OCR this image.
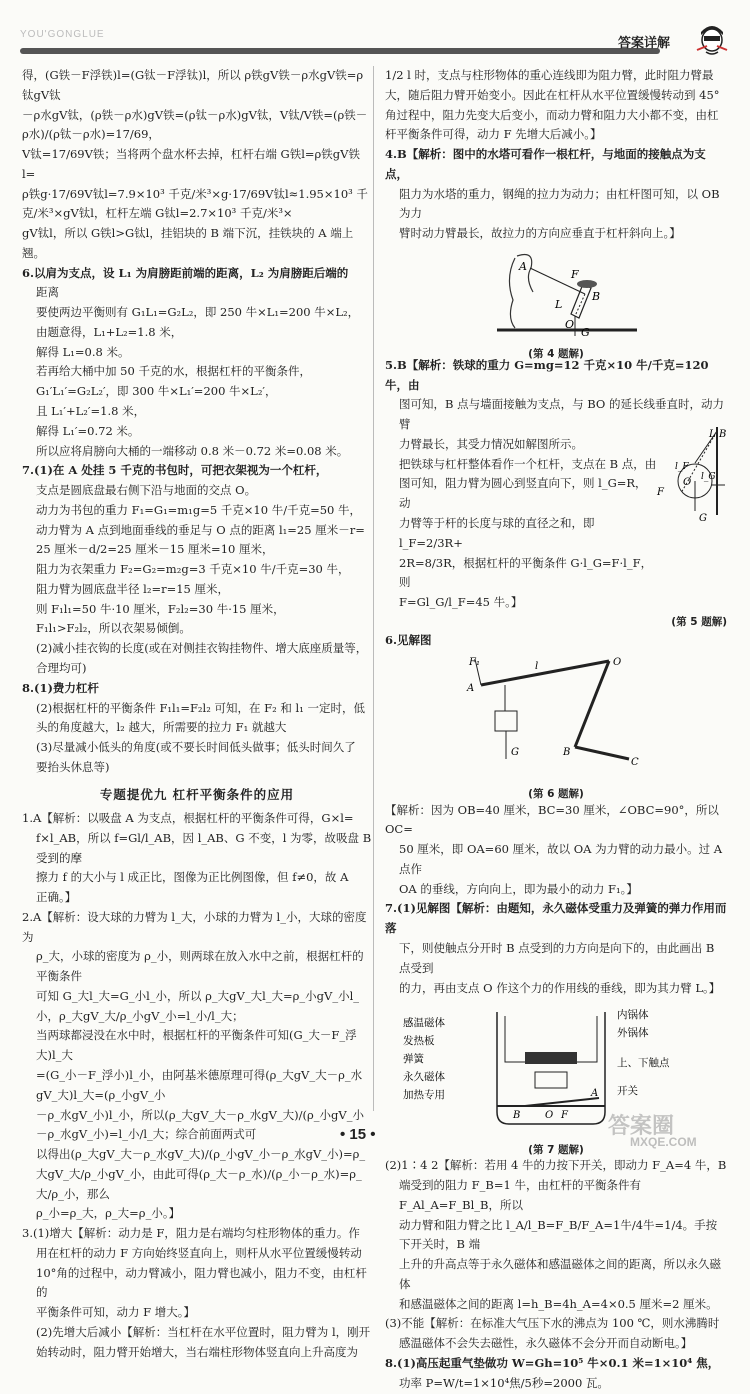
YOU'GONGLUE
答案详解

得，(G铁－F浮铁)l=(G钛－F浮钛)l，所以 ρ铁gV铁－ρ水gV铁=ρ钛gV钛

－ρ水gV钛，(ρ铁－ρ水)gV铁=(ρ钛－ρ水)gV钛，V钛/V铁=(ρ铁－ρ水)/(ρ钛－ρ水)=17/69，

V钛=17/69V铁；当将两个盘水杯去掉，杠杆右端 G铁l=ρ铁gV铁l=

ρ铁g·17/69V钛l=7.9×10³ 千克/米³×g·17/69V钛l≈1.95×10³ 千

克/米³×gV钛l，杠杆左端 G钛l=2.7×10³ 千克/米³×

gV钛l，所以 G铁l>G钛l，挂铝块的 B 端下沉，挂铁块的 A 端上翘。

6.以肩为支点，设 L₁ 为肩膀距前端的距离，L₂ 为肩膀距后端的

距离

要使两边平衡则有 G₁L₁=G₂L₂，即 250 牛×L₁=200 牛×L₂，

由题意得，L₁+L₂=1.8 米，

解得 L₁=0.8 米。

若再给大桶中加 50 千克的水，根据杠杆的平衡条件，

G₁′L₁′=G₂L₂′，即 300 牛×L₁′=200 牛×L₂′，

且 L₁′+L₂′=1.8 米，

解得 L₁′=0.72 米。

所以应将肩膀向大桶的一端移动 0.8 米－0.72 米=0.08 米。

7.(1)在 A 处挂 5 千克的书包时，可把衣架视为一个杠杆，

支点是圆底盘最右侧下沿与地面的交点 O。

动力为书包的重力 F₁=G₁=m₁g=5 千克×10 牛/千克=50 牛，

动力臂为 A 点到地面垂线的垂足与 O 点的距离 l₁=25 厘米－r=

25 厘米－d/2=25 厘米－15 厘米=10 厘米，

阻力为衣架重力 F₂=G₂=m₂g=3 千克×10 牛/千克=30 牛，

阻力臂为圆底盘半径 l₂=r=15 厘米，

则 F₁l₁=50 牛·10 厘米，F₂l₂=30 牛·15 厘米，

F₁l₁>F₂l₂，所以衣架易倾倒。

(2)减小挂衣钩的长度(或在对侧挂衣钩挂物件、增大底座质量等，

合理均可)

8.(1)费力杠杆

(2)根据杠杆的平衡条件 F₁l₁=F₂l₂ 可知，在 F₂ 和 l₁ 一定时，低

头的角度越大，l₂ 越大，所需要的拉力 F₁ 就越大

(3)尽量减小低头的角度(或不要长时间低头做事；低头时间久了

要抬头休息等)

专题提优九 杠杆平衡条件的应用

1.A【解析：以吸盘 A 为支点，根据杠杆的平衡条件可得，G×l=

f×l_AB，所以 f=Gl/l_AB，因 l_AB、G 不变，l 为零，故吸盘 B 受到的摩

擦力 f 的大小与 l 成正比，图像为正比例图像，但 f≠0，故 A

正确。】

2.A【解析：设大球的力臂为 l_大，小球的力臂为 l_小，大球的密度为

ρ_大，小球的密度为 ρ_小，则两球在放入水中之前，根据杠杆的平衡条件

可知 G_大l_大=G_小l_小，所以 ρ_大gV_大l_大=ρ_小gV_小l_小，ρ_大gV_大/ρ_小gV_小=l_小/l_大；

当两球都浸没在水中时，根据杠杆的平衡条件可知(G_大－F_浮大)l_大

=(G_小－F_浮小)l_小，由阿基米德原理可得(ρ_大gV_大－ρ_水gV_大)l_大=(ρ_小gV_小

－ρ_水gV_小)l_小，所以(ρ_大gV_大－ρ_水gV_大)/(ρ_小gV_小－ρ_水gV_小)=l_小/l_大；综合前面两式可

以得出(ρ_大gV_大－ρ_水gV_大)/(ρ_小gV_小－ρ_水gV_小)=ρ_大gV_大/ρ_小gV_小，由此可得(ρ_大－ρ_水)/(ρ_小－ρ_水)=ρ_大/ρ_小，那么

ρ_小=ρ_大，ρ_大=ρ_小。】

3.(1)增大【解析：动力是 F，阻力是右端均匀柱形物体的重力。作

用在杠杆的动力 F 方向始终竖直向上，则杆从水平位置缓慢转动

10°角的过程中，动力臂减小，阻力臂也减小，阻力不变，由杠杆的

平衡条件可知，动力 F 增大。】

(2)先增大后减小【解析：当杠杆在水平位置时，阻力臂为 l，刚开

始转动时，阻力臂开始增大，当右端柱形物体竖直向上升高度为

1/2 l 时，支点与柱形物体的重心连线即为阻力臂，此时阻力臂最

大，随后阻力臂开始变小。因此在杠杆从水平位置缓慢转动到 45°

角过程中，阻力先变大后变小，而动力臂和阻力大小都不变，由杠

杆平衡条件可得，动力 F 先增大后减小。】

4.B【解析：图中的水塔可看作一根杠杆，与地面的接触点为支点，

阻力为水塔的重力，钢绳的拉力为动力；由杠杆图可知，以 OB 为力

臂时动力臂最长，故拉力的方向应垂直于杠杆斜向上。】

A
F
L
B
O
G
(第 4 题解)

5.B【解析：铁球的重力 G=mg=12 千克×10 牛/千克=120 牛，由

图可知，B 点与墙面接触为支点，与 BO 的延长线垂直时，动力臂

力臂最长，其受力情况如解图所示。

把铁球与杠杆整体看作一个杠杆，支点在 B 点，由

图可知，阻力臂为圆心到竖直向下，则 l_G=R，动

力臂等于杆的长度与球的直径之和，即 l_F=2/3R+

2R=8/3R，根据杠杆的平衡条件 G·l_G=F·l_F，则

F=Gl_G/l_F=45 牛。】

L B
O
l_F
l_G
F
G
(第 5 题解)

6.见解图

F₁
A
l	O
G	B
C
(第 6 题解)

【解析：因为 OB=40 厘米，BC=30 厘米，∠OBC=90°，所以 OC=

50 厘米，即 OA=60 厘米，故以 OA 为力臂的动力最小。过 A 点作

OA 的垂线，方向向上，即为最小的动力 F₁。】

7.(1)见解图【解析：由题知，永久磁体受重力及弹簧的弹力作用而落

下，则使触点分开时 B 点受到的力方向是向下的，由此画出 B 点受到

的力，再由支点 O 作这个力的作用线的垂线，即为其力臂 L。】

感温磁体
发热板
弹簧
永久磁体
加热专用
内锅体
外锅体
上、下触点
开关
B O
A
F
(第 7 题解)

(2)1∶4 2【解析：若用 4 牛的力按下开关，即动力 F_A=4 牛，B

端受到的阻力 F_B=1 牛，由杠杆的平衡条件有 F_Al_A=F_Bl_B，所以

动力臂和阻力臂之比 l_A/l_B=F_B/F_A=1牛/4牛=1/4。手按下开关时，B 端

上升的升高点等于永久磁体和感温磁体之间的距离，所以永久磁体

和感温磁体之间的距离 l=h_B=4h_A=4×0.5 厘米=2 厘米。

(3)不能【解析：在标准大气压下水的沸点为 100 ℃，则水沸腾时

感温磁体不会失去磁性，永久磁体不会分开而自动断电。】

8.(1)高压起重气垫做功 W=Gh=10⁵ 牛×0.1 米=1×10⁴ 焦，

功率 P=W/t=1×10⁴焦/5秒=2000 瓦。

• 15 •	答案圈
MXQE.COM
